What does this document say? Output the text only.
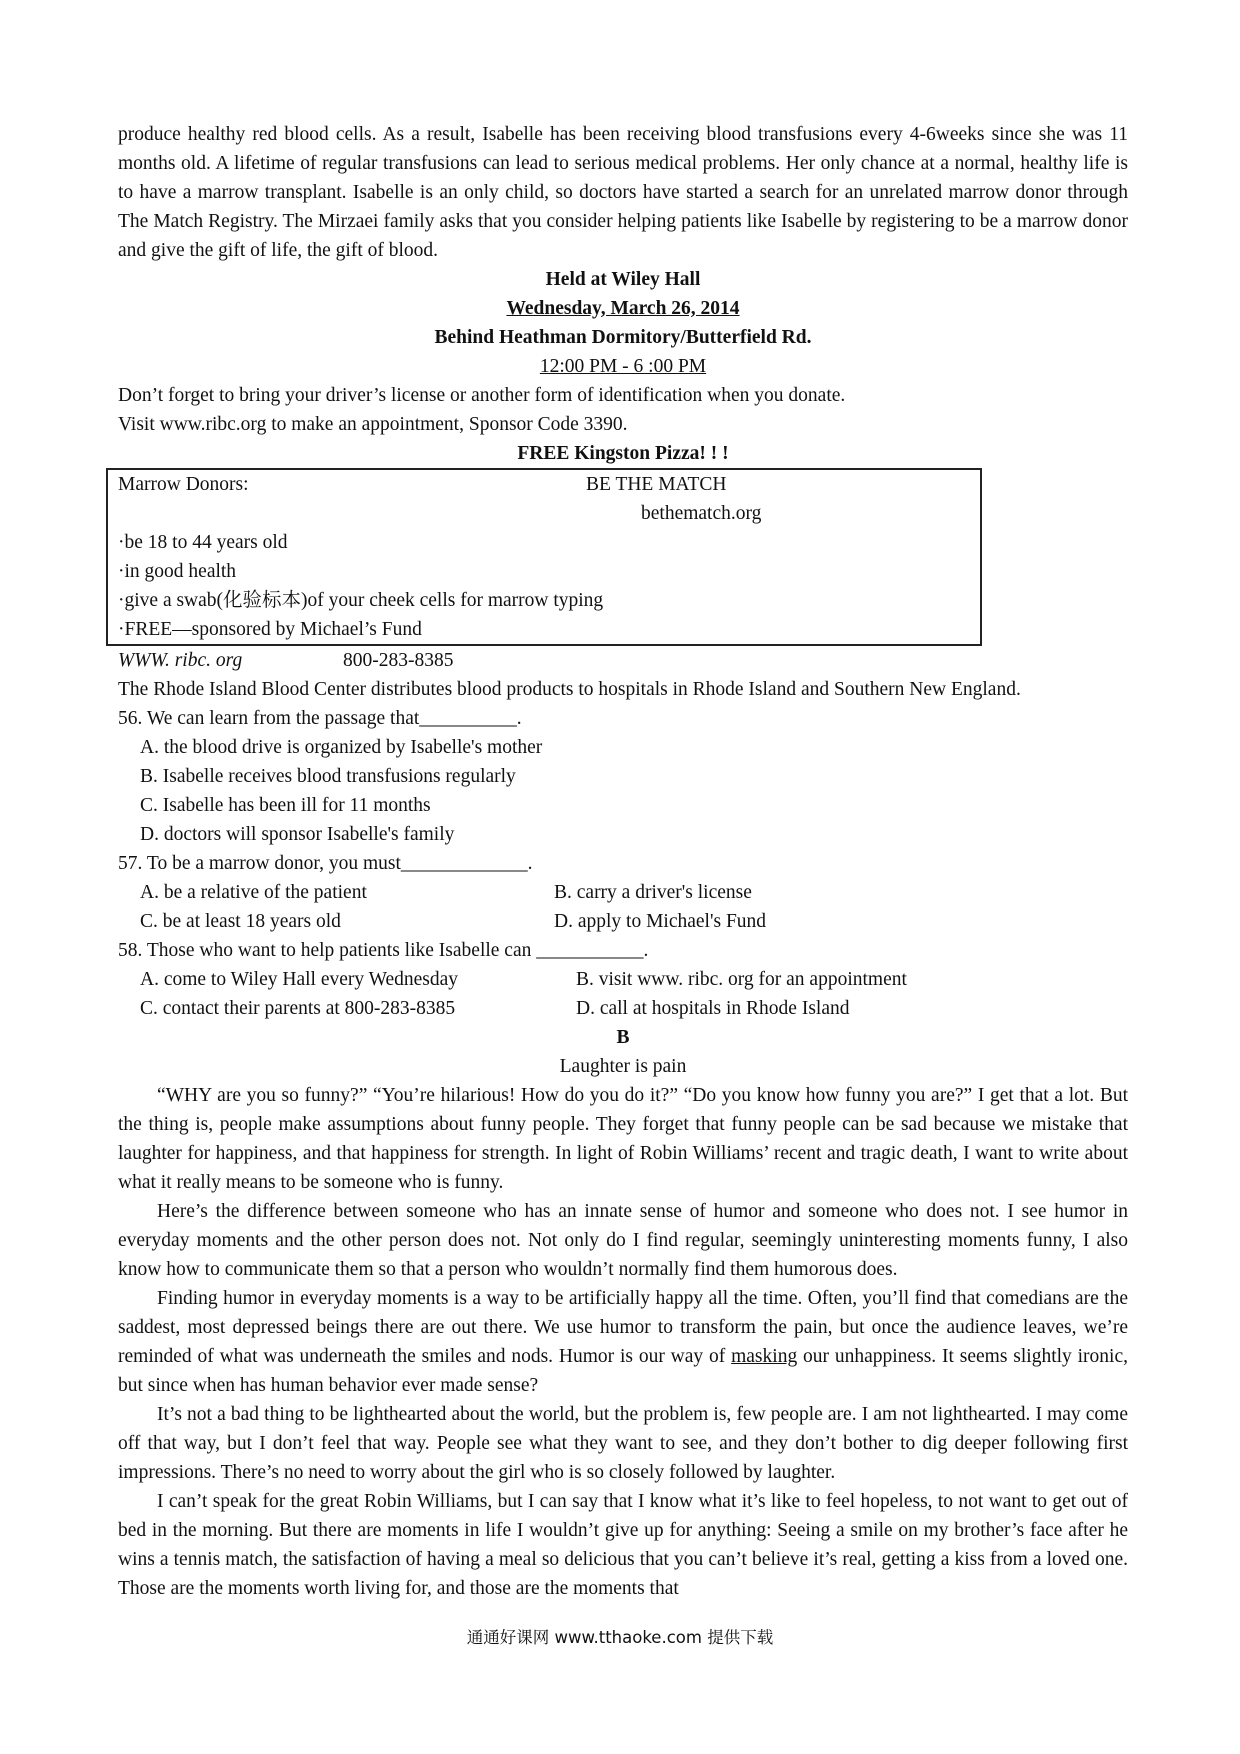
produce healthy red blood cells. As a result, Isabelle has been receiving blood transfusions every 4-6weeks since she was 11 months old. A lifetime of regular transfusions can lead to serious medical problems. Her only chance at a normal, healthy life is to have a marrow transplant. Isabelle is an only child, so doctors have started a search for an unrelated marrow donor through The Match Registry. The Mirzaei family asks that you consider helping patients like Isabelle by registering to be a marrow donor and give the gift of life, the gift of blood.

Held at Wiley Hall

Wednesday, March 26, 2014

Behind Heathman Dormitory/Butterfield Rd.

12:00 PM - 6 :00 PM

Don’t forget to bring your driver’s license or another form of identification when you donate.

Visit www.ribc.org to make an appointment, Sponsor Code 3390.

FREE Kingston Pizza! ! !

Marrow Donors:	BE THE MATCH
bethematch.org
·be 18 to 44 years old
·in good health
·give a swab(化验标本)of your cheek cells for marrow typing
·FREE—sponsored by Michael’s Fund
WWW. ribc. org	800-283-8385

The Rhode Island Blood Center distributes blood products to hospitals in Rhode Island and Southern New England.

56. We can learn from the passage that__________.

A. the blood drive is organized by Isabelle's mother
B. Isabelle receives blood transfusions regularly
C. Isabelle has been ill for 11 months
D. doctors will sponsor Isabelle's family

57. To be a marrow donor, you must_____________.

A. be a relative of the patient	B. carry a driver's license
C. be at least 18 years old	D. apply to Michael's Fund

58. Those who want to help patients like Isabelle can ___________.

A. come to Wiley Hall every Wednesday	B. visit www. ribc. org for an appointment
C. contact their parents at 800-283-8385	D. call at hospitals in Rhode Island

B

Laughter is pain

“WHY are you so funny?” “You’re hilarious! How do you do it?” “Do you know how funny you are?” I get that a lot. But the thing is, people make assumptions about funny people. They forget that funny people can be sad because we mistake that laughter for happiness, and that happiness for strength. In light of Robin Williams’ recent and tragic death, I want to write about what it really means to be someone who is funny.

Here’s the difference between someone who has an innate sense of humor and someone who does not. I see humor in everyday moments and the other person does not. Not only do I find regular, seemingly uninteresting moments funny, I also know how to communicate them so that a person who wouldn’t normally find them humorous does.

Finding humor in everyday moments is a way to be artificially happy all the time. Often, you’ll find that comedians are the saddest, most depressed beings there are out there. We use humor to transform the pain, but once the audience leaves, we’re reminded of what was underneath the smiles and nods. Humor is our way of masking our unhappiness. It seems slightly ironic, but since when has human behavior ever made sense?

It’s not a bad thing to be lighthearted about the world, but the problem is, few people are. I am not lighthearted. I may come off that way, but I don’t feel that way. People see what they want to see, and they don’t bother to dig deeper following first impressions. There’s no need to worry about the girl who is so closely followed by laughter.

I can’t speak for the great Robin Williams, but I can say that I know what it’s like to feel hopeless, to not want to get out of bed in the morning. But there are moments in life I wouldn’t give up for anything: Seeing a smile on my brother’s face after he wins a tennis match, the satisfaction of having a meal so delicious that you can’t believe it’s real, getting a kiss from a loved one. Those are the moments worth living for, and those are the moments that

通通好课网 www.tthaoke.com 提供下载
